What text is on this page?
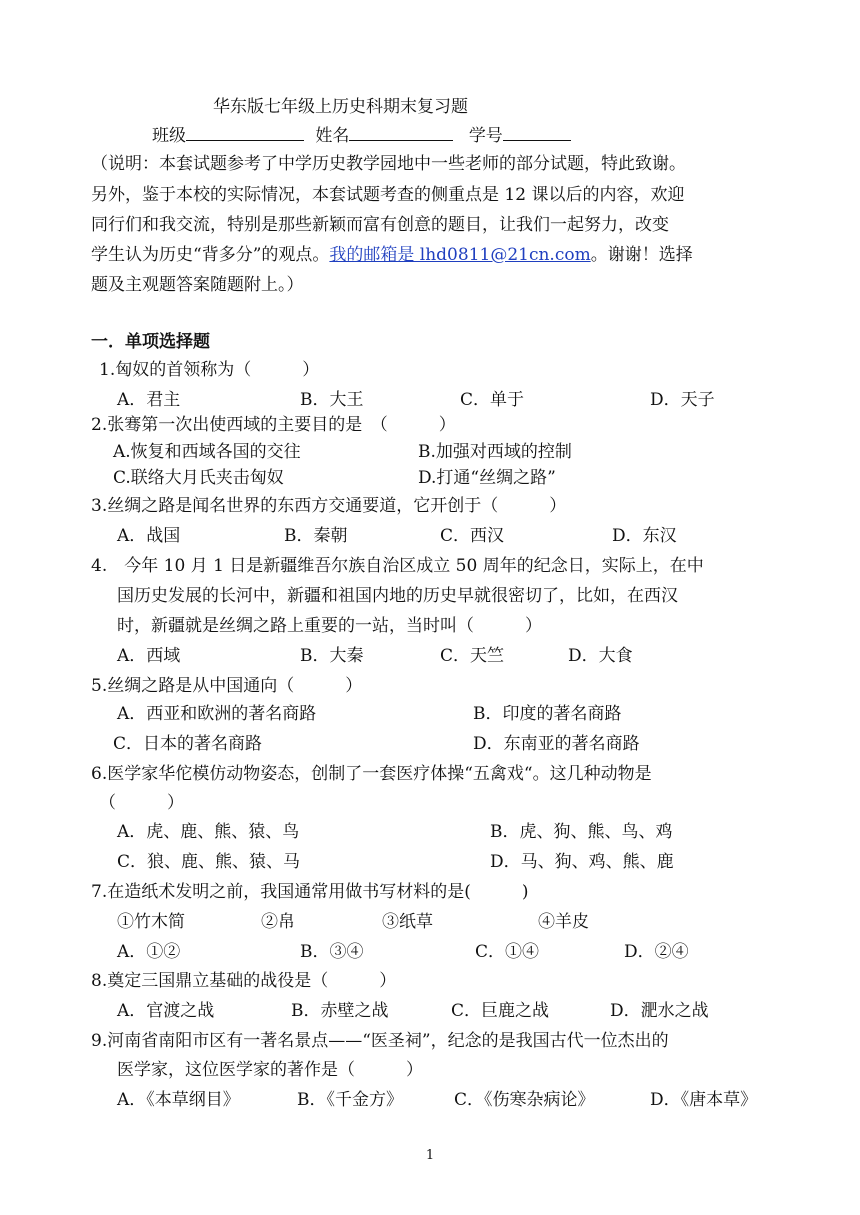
华东版七年级上历史科期末复习题
班级	姓名	学号
（说明：本套试题参考了中学历史教学园地中一些老师的部分试题，特此致谢。
另外，鉴于本校的实际情况，本套试题考查的侧重点是 12 课以后的内容，欢迎
同行们和我交流，特别是那些新颖而富有创意的题目，让我们一起努力，改变
学生认为历史“背多分”的观点。我的邮箱是 lhd0811@21cn.com。谢谢！选择
题及主观题答案随题附上。）
一．单项选择题
1.匈奴的首领称为（　　　）
A．君主	B．大王	C．单于	D．天子
2.张骞第一次出使西域的主要目的是　（　　　）
A.恢复和西域各国的交往	B.加强对西域的控制
C.联络大月氏夹击匈奴	D.打通“丝绸之路”
3.丝绸之路是闻名世界的东西方交通要道，它开创于（　　　）
A．战国	B．秦朝	C．西汉	D．东汉
4.　今年 10 月 1 日是新疆维吾尔族自治区成立 50 周年的纪念日，实际上，在中
国历史发展的长河中，新疆和祖国内地的历史早就很密切了，比如，在西汉
时，新疆就是丝绸之路上重要的一站，当时叫（　　　）
A．西域	B．大秦	C．天竺	D．大食
5.丝绸之路是从中国通向（　　　）
A．西亚和欧洲的著名商路	B．印度的著名商路
C．日本的著名商路	D．东南亚的著名商路
6.医学家华佗模仿动物姿态，创制了一套医疗体操“五禽戏“。这几种动物是
（　　　）
A．虎、鹿、熊、猿、鸟	B．虎、狗、熊、鸟、鸡
C．狼、鹿、熊、猿、马	D．马、狗、鸡、熊、鹿
7.在造纸术发明之前，我国通常用做书写材料的是(　　　)
①竹木简	②帛	③纸草	④羊皮
A．①②	B．③④	C．①④	D．②④
8.奠定三国鼎立基础的战役是（　　　）
A．官渡之战	B．赤壁之战	C．巨鹿之战	D．淝水之战
9.河南省南阳市区有一著名景点——“医圣祠”，纪念的是我国古代一位杰出的
医学家，这位医学家的著作是（　　　）
A．《本草纲目》	B．《千金方》	C．《伤寒杂病论》	D．《唐本草》
1
